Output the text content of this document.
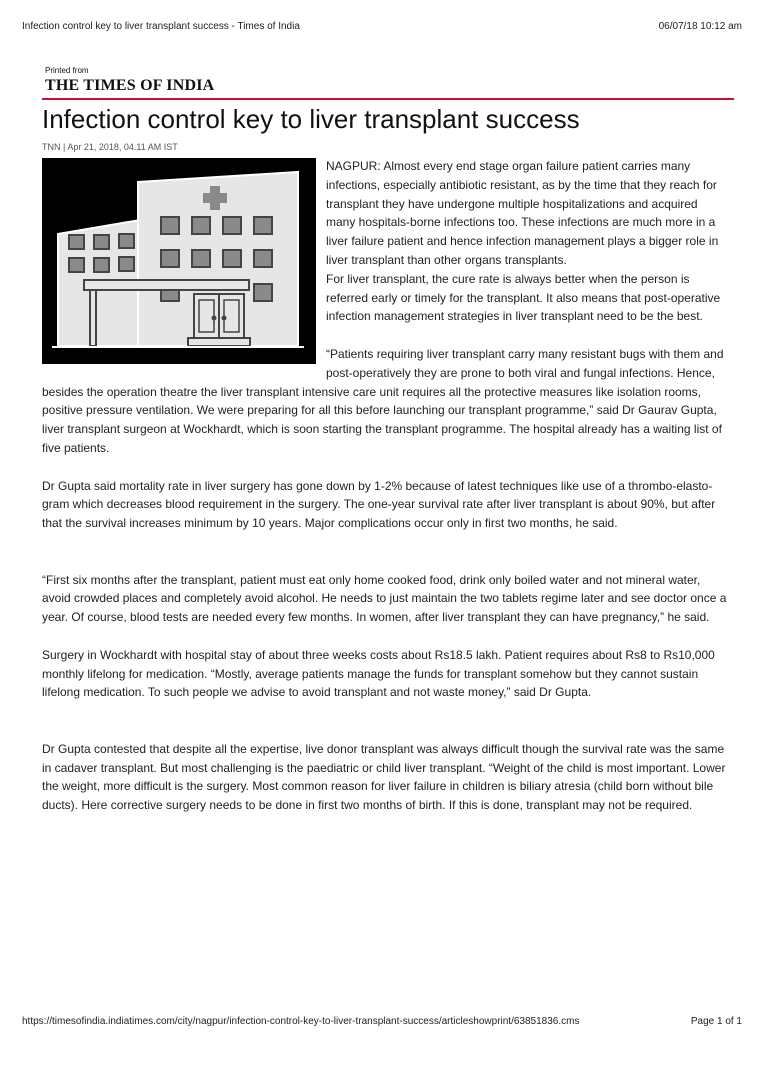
Infection control key to liver transplant success - Times of India	06/07/18 10:12 am
Printed from
THE TIMES OF INDIA
Infection control key to liver transplant success
TNN | Apr 21, 2018, 04.11 AM IST

NAGPUR: Almost every end stage organ failure patient carries many infections, especially antibiotic resistant, as by the time that they reach for transplant they have undergone multiple hospitalizations and acquired many hospitals-borne infections too. These infections are much more in a liver failure patient and hence infection management plays a bigger role in liver transplant than other organs transplants.

For liver transplant, the cure rate is always better when the person is referred early or timely for the transplant. It also means that post-operative infection management strategies in liver transplant need to be the best.

“Patients requiring liver transplant carry many resistant bugs with them and post-operatively they are prone to both viral and fungal infections. Hence, besides the operation theatre the liver transplant intensive care unit requires all the protective measures like isolation rooms, positive pressure ventilation. We were preparing for all this before launching our transplant programme,” said Dr Gaurav Gupta, liver transplant surgeon at Wockhardt, which is soon starting the transplant programme. The hospital already has a waiting list of five patients.

Dr Gupta said mortality rate in liver surgery has gone down by 1-2% because of latest techniques like use of a thrombo-elasto-gram which decreases blood requirement in the surgery. The one-year survival rate after liver transplant is about 90%, but after that the survival increases minimum by 10 years. Major complications occur only in first two months, he said.

“First six months after the transplant, patient must eat only home cooked food, drink only boiled water and not mineral water, avoid crowded places and completely avoid alcohol. He needs to just maintain the two tablets regime later and see doctor once a year. Of course, blood tests are needed every few months. In women, after liver transplant they can have pregnancy,” he said.

Surgery in Wockhardt with hospital stay of about three weeks costs about Rs18.5 lakh. Patient requires about Rs8 to Rs10,000 monthly lifelong for medication. “Mostly, average patients manage the funds for transplant somehow but they cannot sustain lifelong medication. To such people we advise to avoid transplant and not waste money,” said Dr Gupta.

Dr Gupta contested that despite all the expertise, live donor transplant was always difficult though the survival rate was the same in cadaver transplant. But most challenging is the paediatric or child liver transplant. “Weight of the child is most important. Lower the weight, more difficult is the surgery. Most common reason for liver failure in children is biliary atresia (child born without bile ducts). Here corrective surgery needs to be done in first two months of birth. If this is done, transplant may not be required.

https://timesofindia.indiatimes.com/city/nagpur/infection-control-key-to-liver-transplant-success/articleshowprint/63851836.cms	Page 1 of 1
